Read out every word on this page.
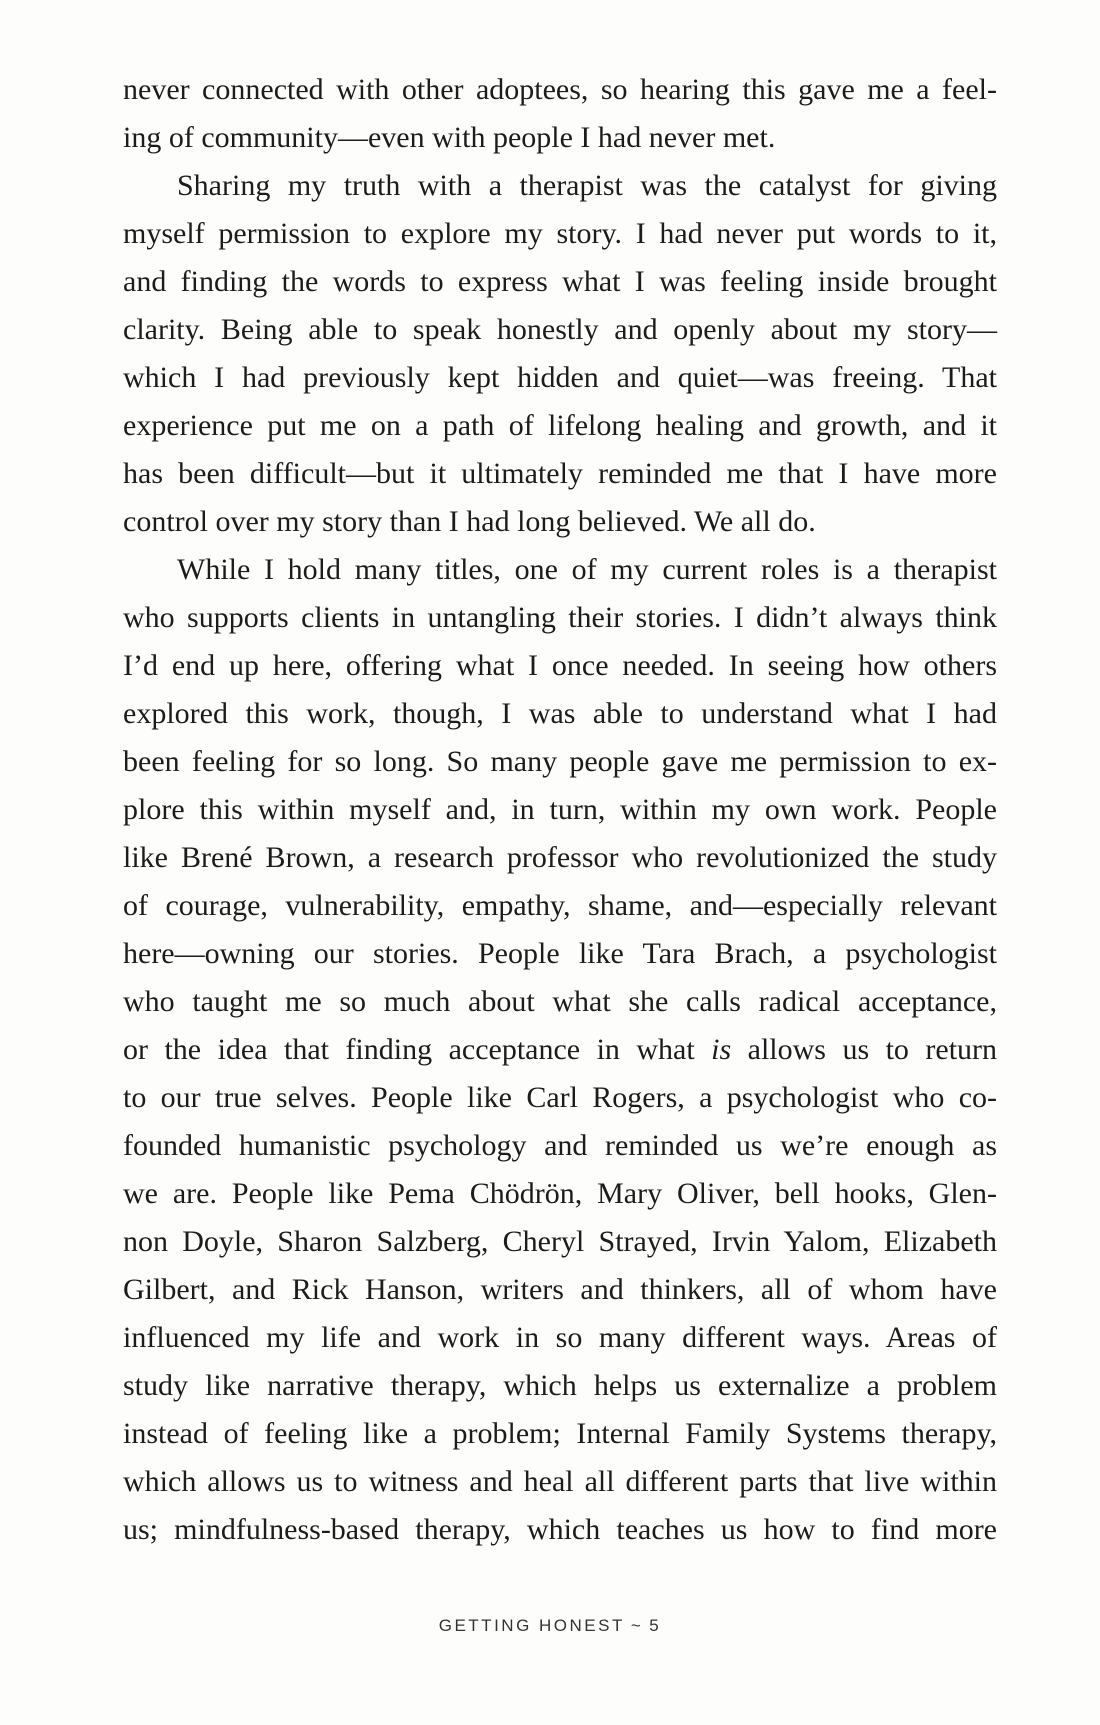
never connected with other adoptees, so hearing this gave me a feel-
ing of community—even with people I had never met.
Sharing my truth with a therapist was the catalyst for giving
myself permission to explore my story. I had never put words to it,
and finding the words to express what I was feeling inside brought
clarity. Being able to speak honestly and openly about my story—
which I had previously kept hidden and quiet—was freeing. That
experience put me on a path of lifelong healing and growth, and it
has been difficult—but it ultimately reminded me that I have more
control over my story than I had long believed. We all do.
While I hold many titles, one of my current roles is a therapist
who supports clients in untangling their stories. I didn’t always think
I’d end up here, offering what I once needed. In seeing how others
explored this work, though, I was able to understand what I had
been feeling for so long. So many people gave me permission to ex-
plore this within myself and, in turn, within my own work. People
like Brené Brown, a research professor who revolutionized the study
of courage, vulnerability, empathy, shame, and—especially relevant
here—owning our stories. People like Tara Brach, a psychologist
who taught me so much about what she calls radical acceptance,
or the idea that finding acceptance in what is allows us to return
to our true selves. People like Carl Rogers, a psychologist who co-
founded humanistic psychology and reminded us we’re enough as
we are. People like Pema Chödrön, Mary Oliver, bell hooks, Glen-
non Doyle, Sharon Salzberg, Cheryl Strayed, Irvin Yalom, Elizabeth
Gilbert, and Rick Hanson, writers and thinkers, all of whom have
influenced my life and work in so many different ways. Areas of
study like narrative therapy, which helps us externalize a problem
instead of feeling like a problem; Internal Family Systems therapy,
which allows us to witness and heal all different parts that live within
us; mindfulness-based therapy, which teaches us how to find more
GETTING HONEST ~ 5
